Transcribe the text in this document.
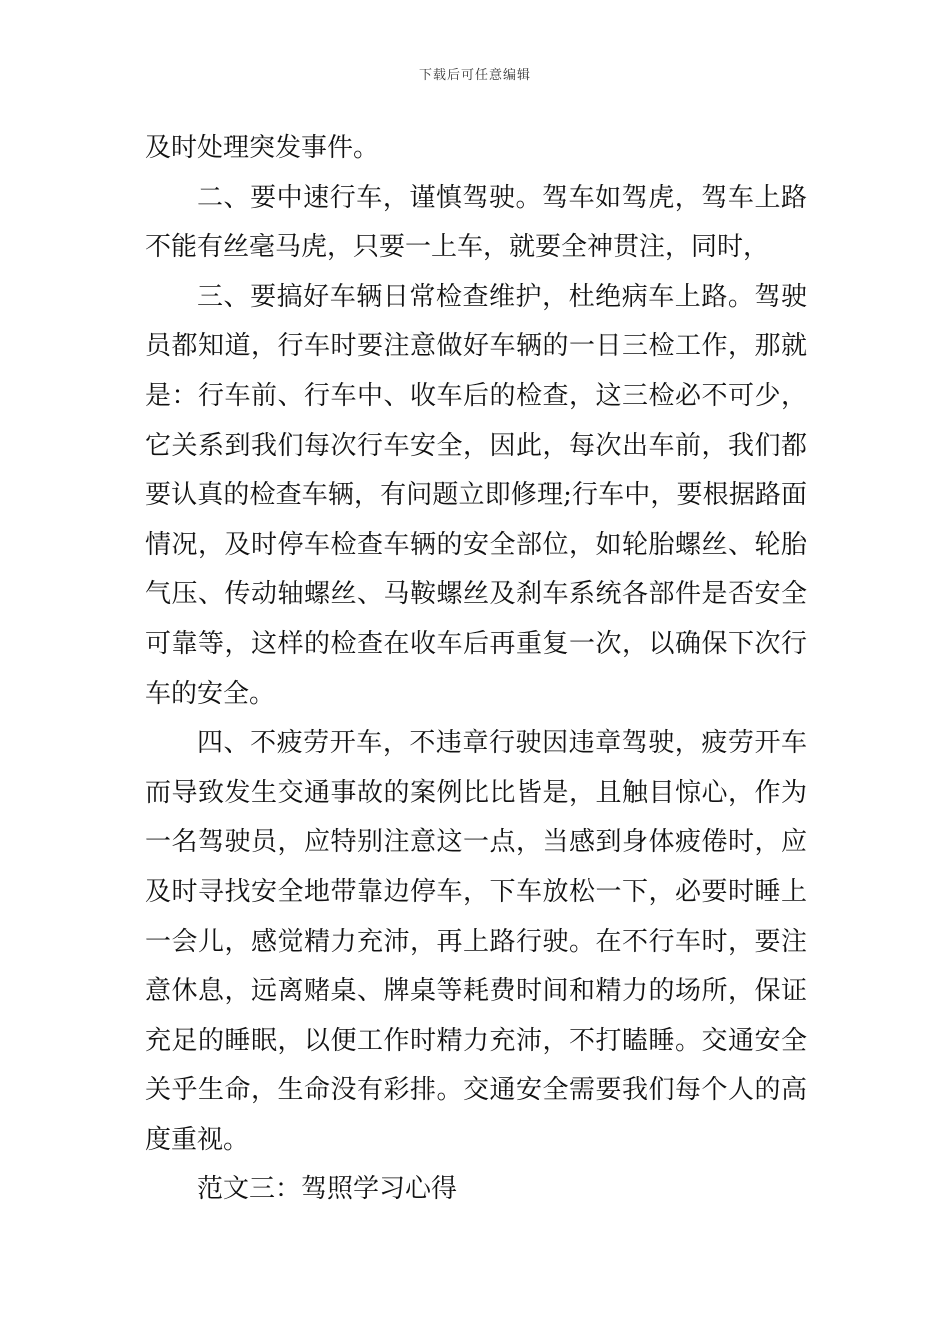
下载后可任意编辑

及时处理突发事件。

二、要中速行车，谨慎驾驶。驾车如驾虎，驾车上路不能有丝毫马虎，只要一上车，就要全神贯注，同时，

三、要搞好车辆日常检查维护，杜绝病车上路。驾驶员都知道，行车时要注意做好车辆的一日三检工作，那就是：行车前、行车中、收车后的检查，这三检必不可少，它关系到我们每次行车安全，因此，每次出车前，我们都要认真的检查车辆，有问题立即修理;行车中，要根据路面情况，及时停车检查车辆的安全部位，如轮胎螺丝、轮胎气压、传动轴螺丝、马鞍螺丝及刹车系统各部件是否安全可靠等，这样的检查在收车后再重复一次，以确保下次行车的安全。

四、不疲劳开车，不违章行驶因违章驾驶，疲劳开车而导致发生交通事故的案例比比皆是，且触目惊心，作为一名驾驶员，应特别注意这一点，当感到身体疲倦时，应及时寻找安全地带靠边停车，下车放松一下，必要时睡上一会儿，感觉精力充沛，再上路行驶。在不行车时，要注意休息，远离赌桌、牌桌等耗费时间和精力的场所，保证充足的睡眠，以便工作时精力充沛，不打瞌睡。交通安全关乎生命，生命没有彩排。交通安全需要我们每个人的高度重视。

范文三：驾照学习心得
